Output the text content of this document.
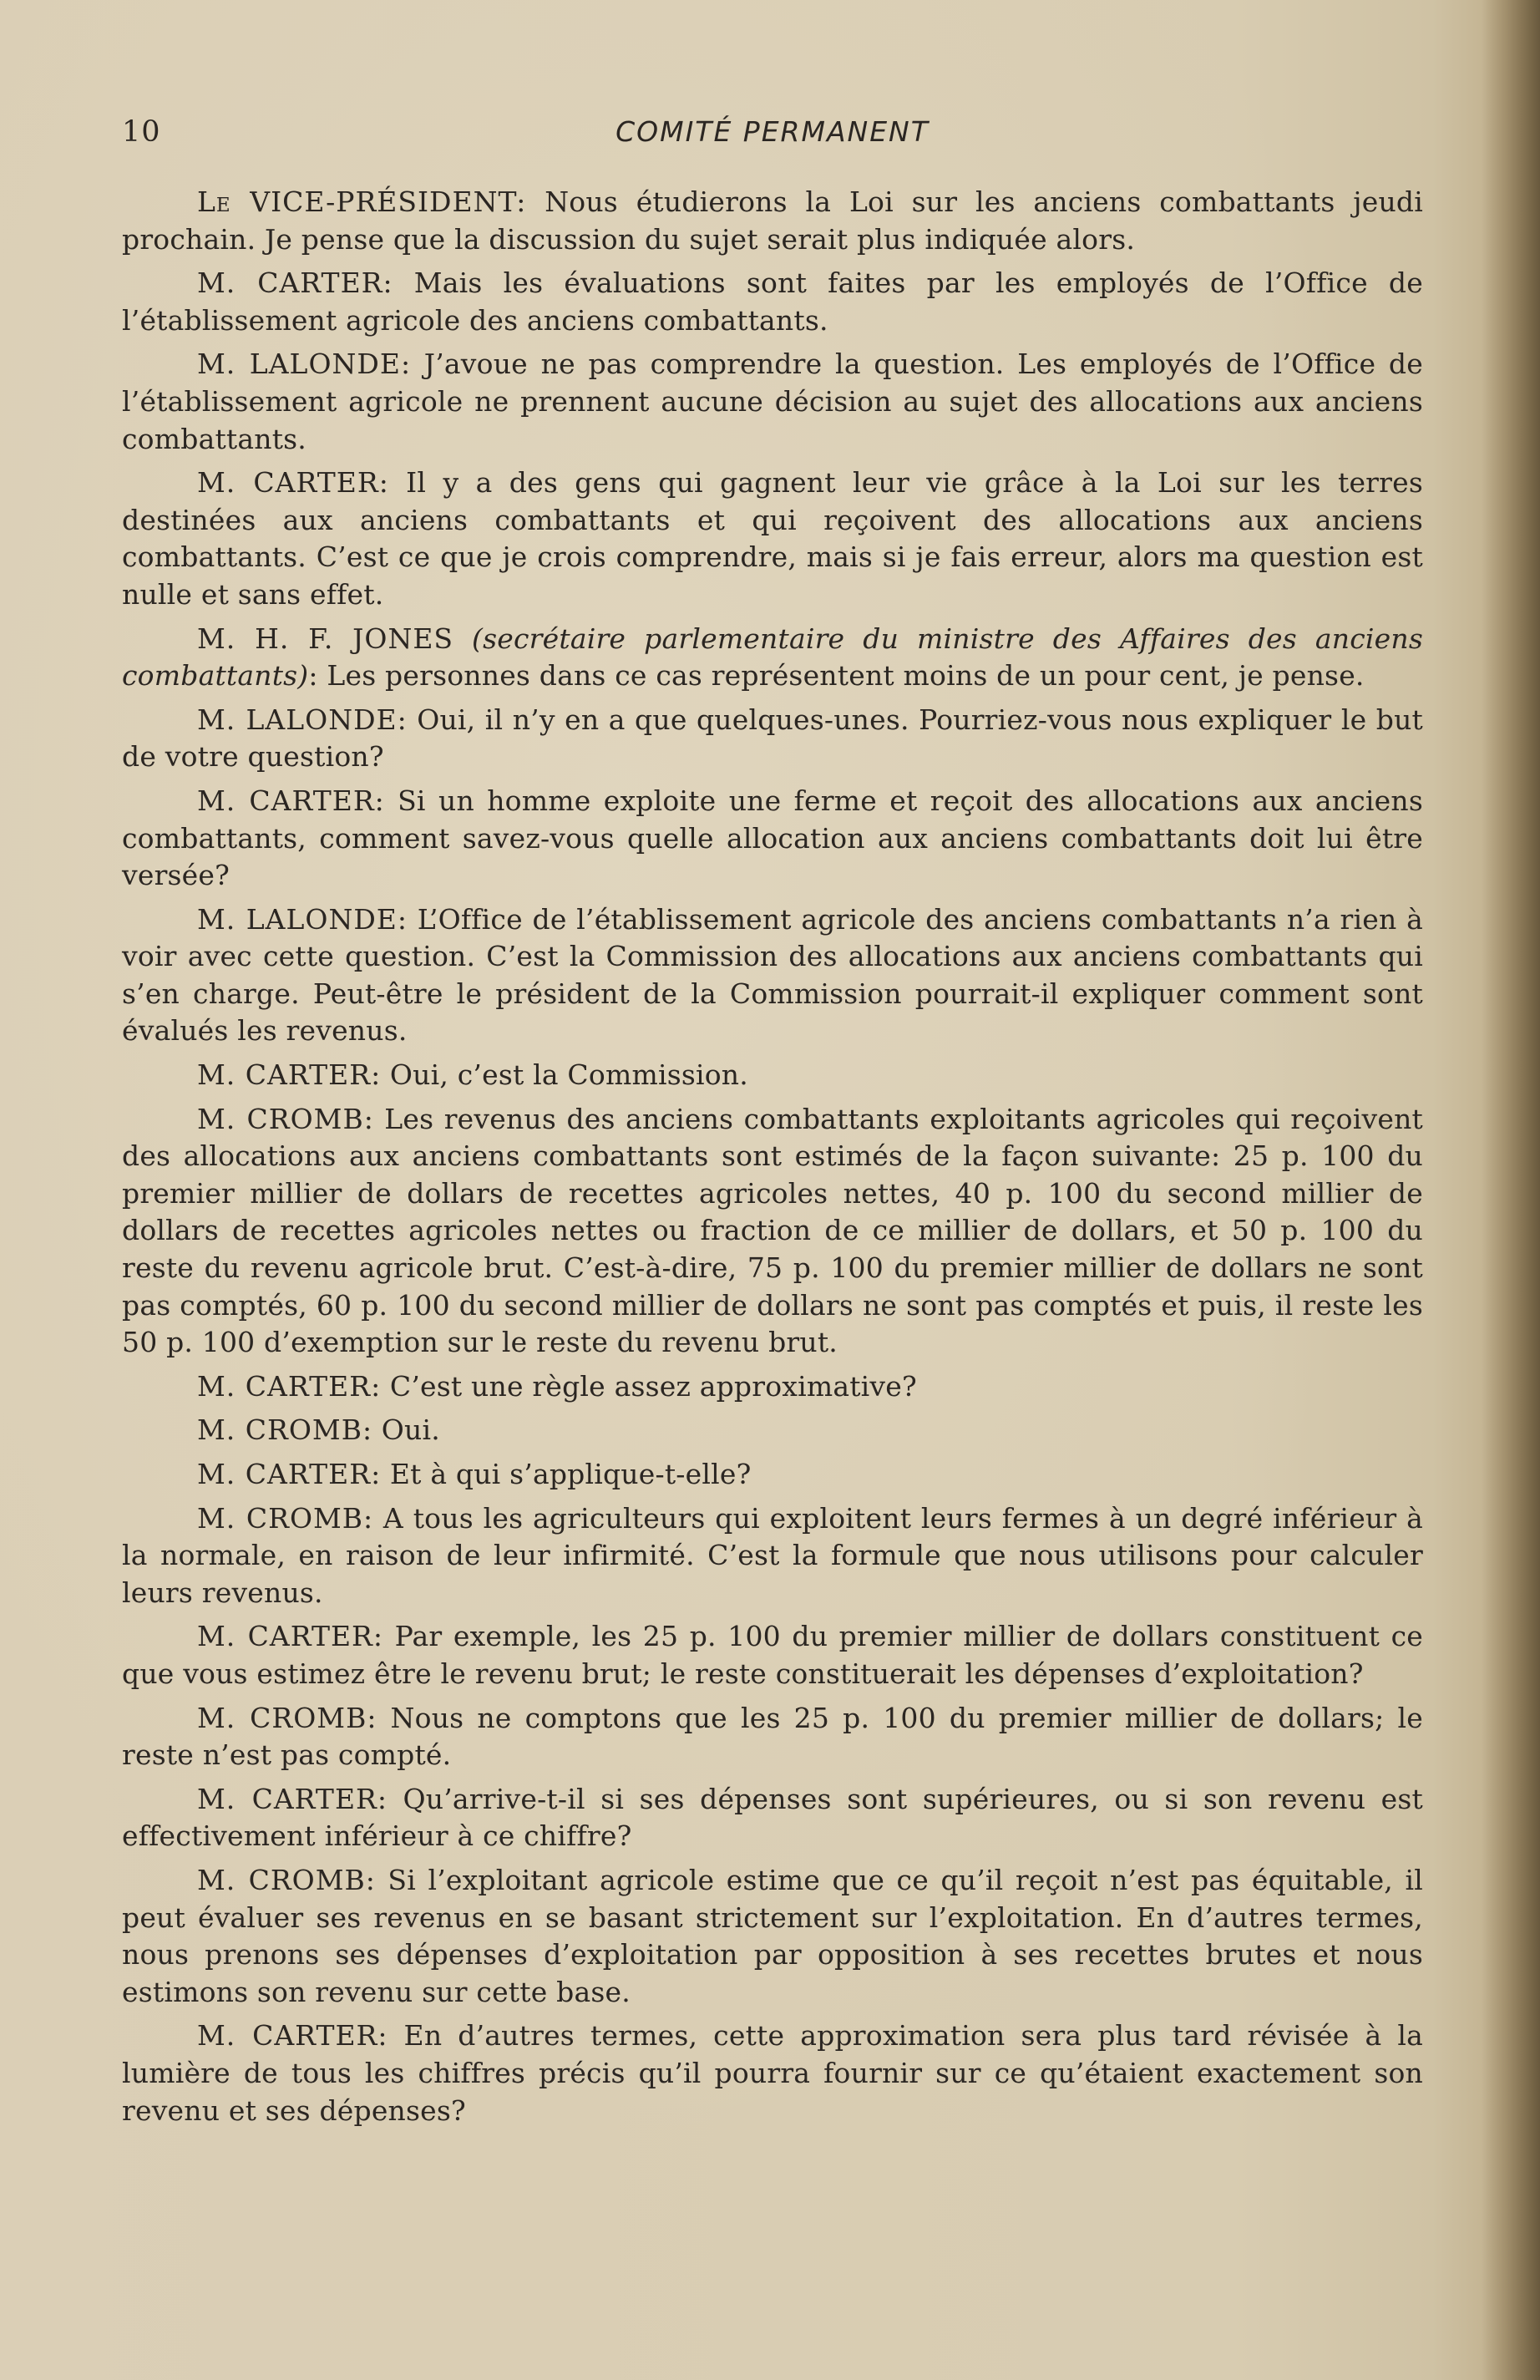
10	COMITÉ PERMANENT

Le VICE-PRÉSIDENT: Nous étudierons la Loi sur les anciens combattants jeudi prochain. Je pense que la discussion du sujet serait plus indiquée alors.

M. CARTER: Mais les évaluations sont faites par les employés de l’Office de l’établissement agricole des anciens combattants.

M. LALONDE: J’avoue ne pas comprendre la question. Les employés de l’Office de l’établissement agricole ne prennent aucune décision au sujet des allocations aux anciens combattants.

M. CARTER: Il y a des gens qui gagnent leur vie grâce à la Loi sur les terres destinées aux anciens combattants et qui reçoivent des allocations aux anciens combattants. C’est ce que je crois comprendre, mais si je fais erreur, alors ma question est nulle et sans effet.

M. H. F. JONES (secrétaire parlementaire du ministre des Affaires des anciens combattants): Les personnes dans ce cas représentent moins de un pour cent, je pense.

M. LALONDE: Oui, il n’y en a que quelques-unes. Pourriez-vous nous expliquer le but de votre question?

M. CARTER: Si un homme exploite une ferme et reçoit des allocations aux anciens combattants, comment savez-vous quelle allocation aux anciens combattants doit lui être versée?

M. LALONDE: L’Office de l’établissement agricole des anciens combattants n’a rien à voir avec cette question. C’est la Commission des allocations aux anciens combattants qui s’en charge. Peut-être le président de la Commission pourrait-il expliquer comment sont évalués les revenus.

M. CARTER: Oui, c’est la Commission.

M. CROMB: Les revenus des anciens combattants exploitants agricoles qui reçoivent des allocations aux anciens combattants sont estimés de la façon suivante: 25 p. 100 du premier millier de dollars de recettes agricoles nettes, 40 p. 100 du second millier de dollars de recettes agricoles nettes ou fraction de ce millier de dollars, et 50 p. 100 du reste du revenu agricole brut. C’est-à-dire, 75 p. 100 du premier millier de dollars ne sont pas comptés, 60 p. 100 du second millier de dollars ne sont pas comptés et puis, il reste les 50 p. 100 d’exemption sur le reste du revenu brut.

M. CARTER: C’est une règle assez approximative?

M. CROMB: Oui.

M. CARTER: Et à qui s’applique-t-elle?

M. CROMB: A tous les agriculteurs qui exploitent leurs fermes à un degré inférieur à la normale, en raison de leur infirmité. C’est la formule que nous utilisons pour calculer leurs revenus.

M. CARTER: Par exemple, les 25 p. 100 du premier millier de dollars constituent ce que vous estimez être le revenu brut; le reste constituerait les dépenses d’exploitation?

M. CROMB: Nous ne comptons que les 25 p. 100 du premier millier de dollars; le reste n’est pas compté.

M. CARTER: Qu’arrive-t-il si ses dépenses sont supérieures, ou si son revenu est effectivement inférieur à ce chiffre?

M. CROMB: Si l’exploitant agricole estime que ce qu’il reçoit n’est pas équitable, il peut évaluer ses revenus en se basant strictement sur l’exploitation. En d’autres termes, nous prenons ses dépenses d’exploitation par opposition à ses recettes brutes et nous estimons son revenu sur cette base.

M. CARTER: En d’autres termes, cette approximation sera plus tard révisée à la lumière de tous les chiffres précis qu’il pourra fournir sur ce qu’étaient exactement son revenu et ses dépenses?
